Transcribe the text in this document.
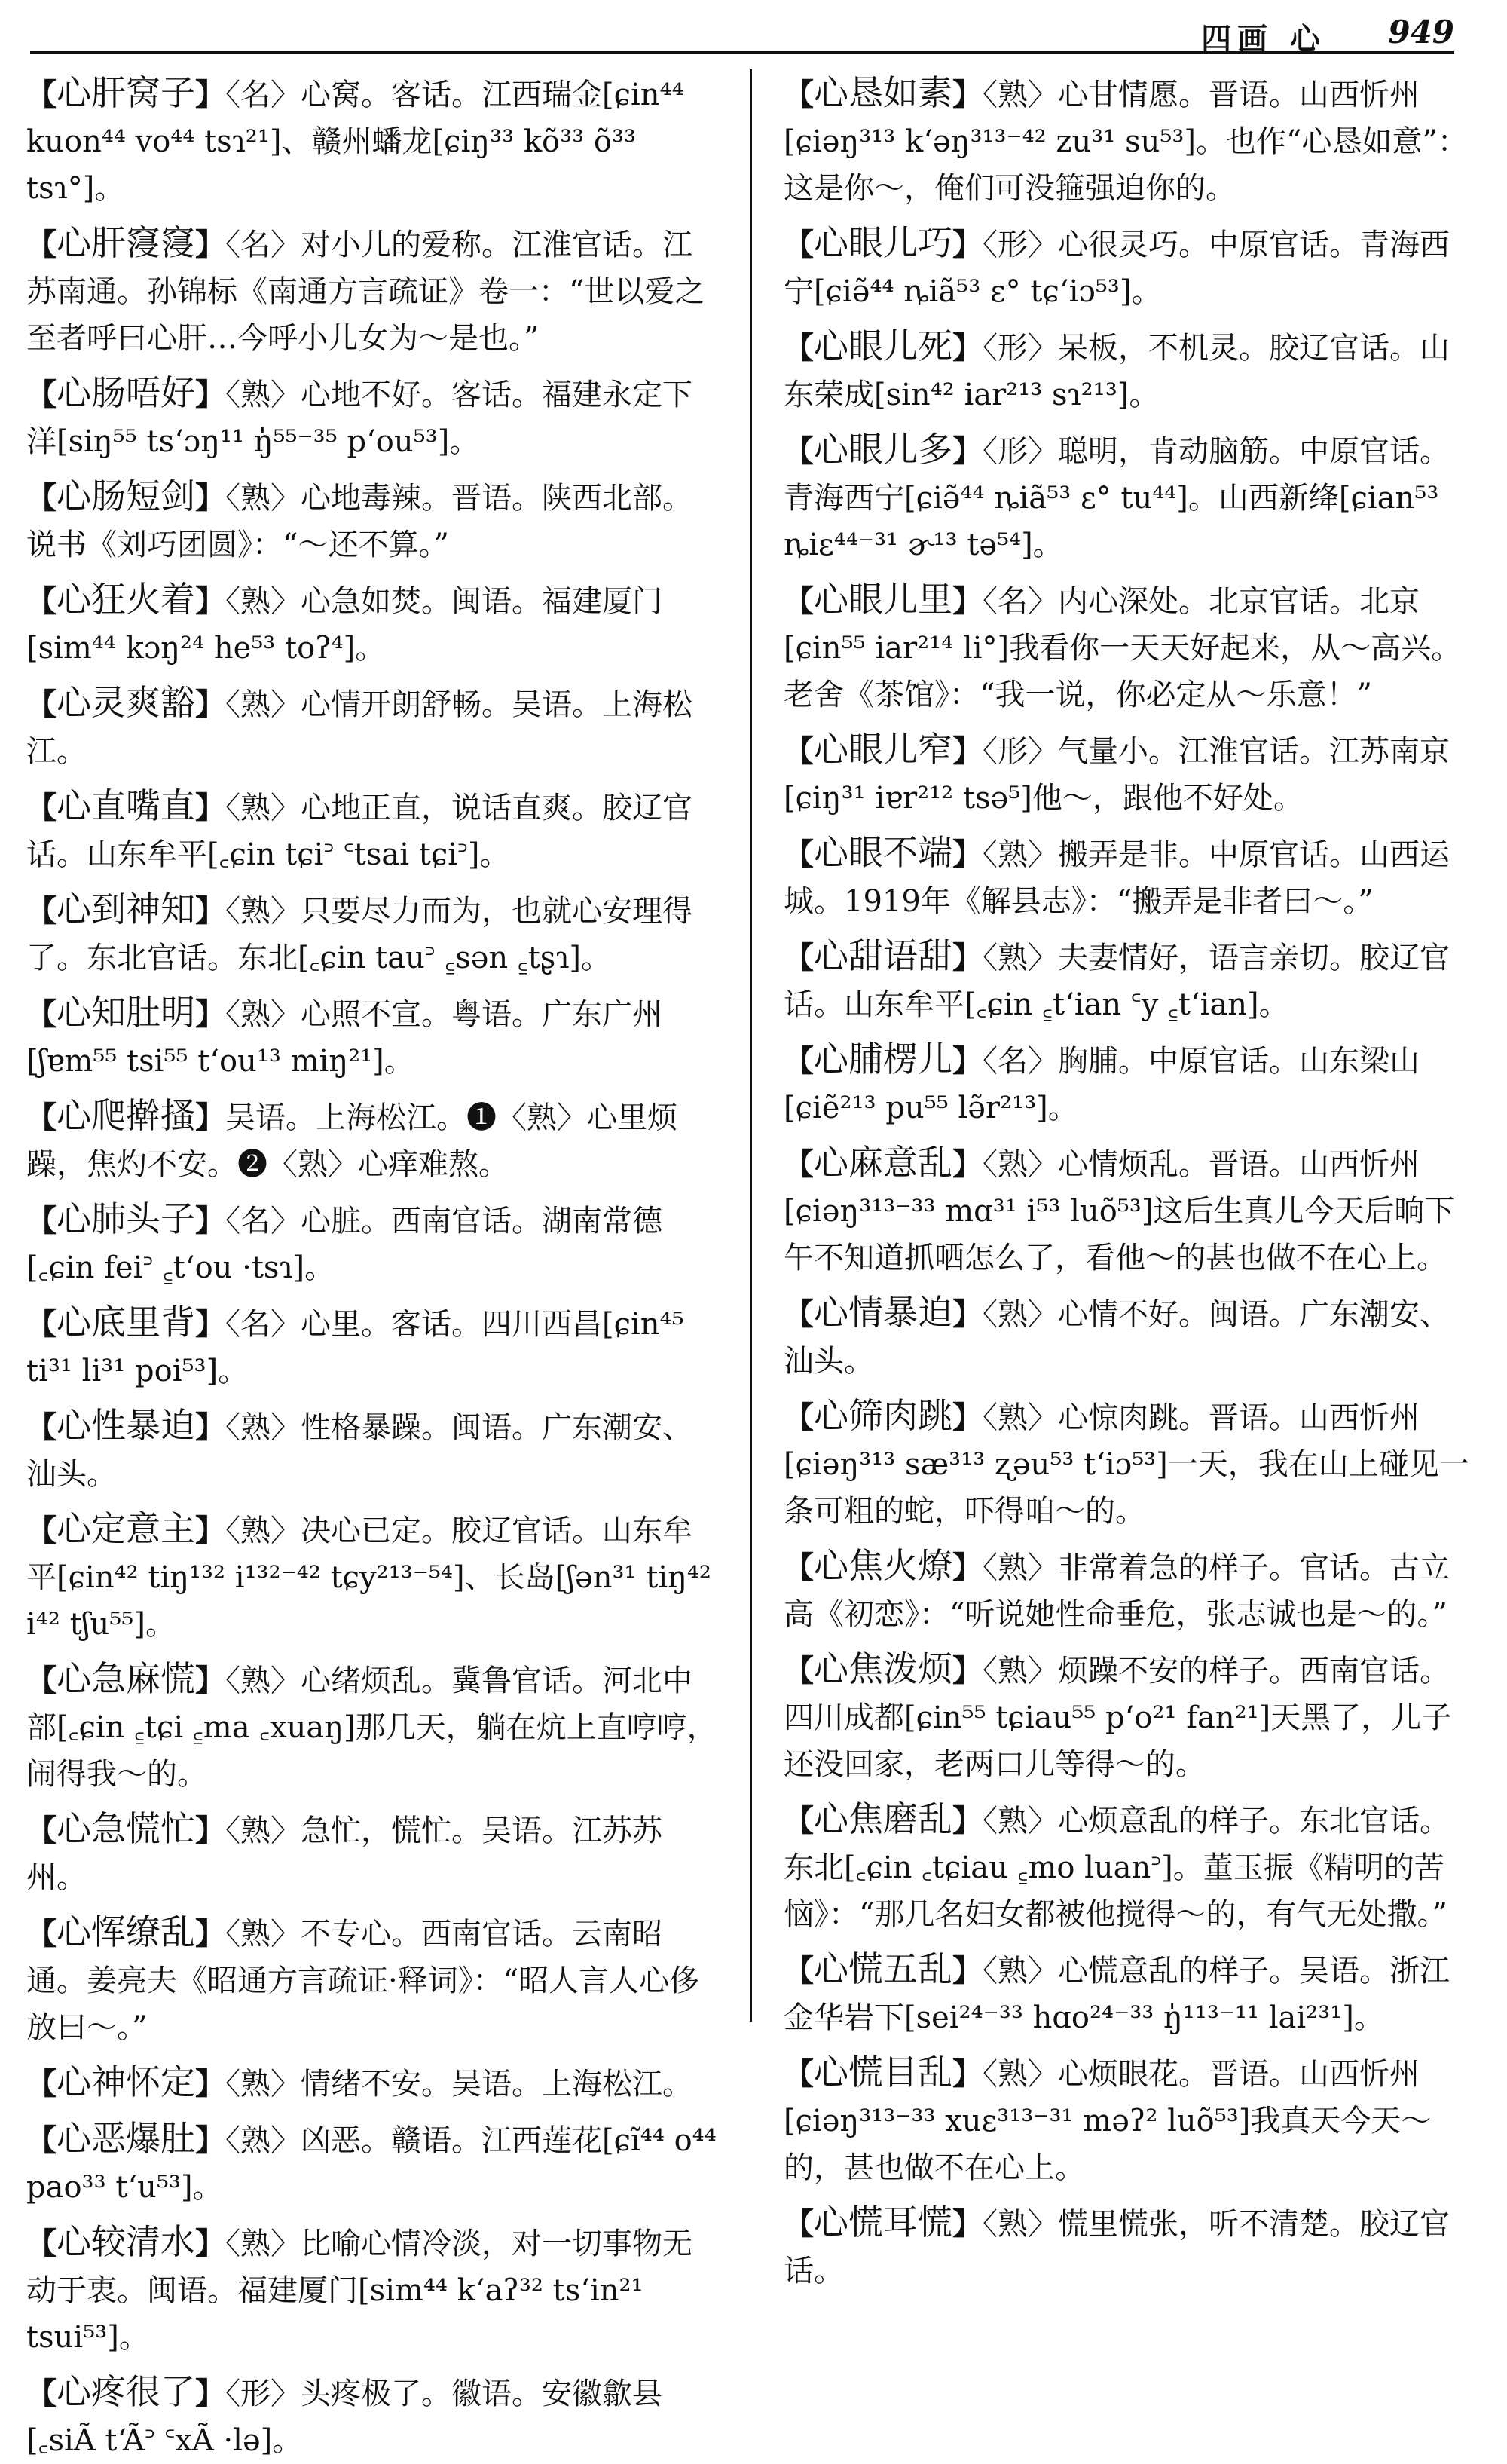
四画 心 949
【心肝窝子】〈名〉心窝。客话。江西瑞金[ɕin⁴⁴ kuon⁴⁴ vo⁴⁴ tsɿ²¹]、赣州蟠龙[ɕiŋ³³ kõ³³ õ³³ tsɿ°]。
【心肝䆮䆮】〈名〉对小儿的爱称。江淮官话。江苏南通。孙锦标《南通方言疏证》卷一：“世以爱之至者呼曰心肝…今呼小儿女为～是也。”
【心肠唔好】〈熟〉心地不好。客话。福建永定下洋[siŋ⁵⁵ tsʻɔŋ¹¹ ŋ̍⁵⁵⁻³⁵ pʻou⁵³]。
【心肠短剑】〈熟〉心地毒辣。晋语。陕西北部。说书《刘巧团圆》：“～还不算。”
【心狂火着】〈熟〉心急如焚。闽语。福建厦门[sim⁴⁴ kɔŋ²⁴ he⁵³ toʔ⁴]。
【心灵爽豁】〈熟〉心情开朗舒畅。吴语。上海松江。
【心直嘴直】〈熟〉心地正直，说话直爽。胶辽官话。山东牟平[꜀ɕin tɕi꜄ ꜂tsai tɕi꜄]。
【心到神知】〈熟〉只要尽力而为，也就心安理得了。东北官话。东北[꜀ɕin tau꜄ ꜁sən ꜁tʂɿ]。
【心知肚明】〈熟〉心照不宣。粤语。广东广州[ʃɐm⁵⁵ tsi⁵⁵ tʻou¹³ miŋ²¹]。
【心爬擀搔】吴语。上海松江。❶〈熟〉心里烦躁，焦灼不安。❷〈熟〉心痒难熬。
【心肺头子】〈名〉心脏。西南官话。湖南常德[꜀ɕin fei꜄ ꜁tʻou ·tsɿ]。
【心底里背】〈名〉心里。客话。四川西昌[ɕin⁴⁵ ti³¹ li³¹ poi⁵³]。
【心性暴迫】〈熟〉性格暴躁。闽语。广东潮安、汕头。
【心定意主】〈熟〉决心已定。胶辽官话。山东牟平[ɕin⁴² tiŋ¹³² i¹³²⁻⁴² tɕy²¹³⁻⁵⁴]、长岛[ʃən³¹ tiŋ⁴² i⁴² tʃu⁵⁵]。
【心急麻慌】〈熟〉心绪烦乱。冀鲁官话。河北中部[꜀ɕin ꜁tɕi ꜁ma ꜀xuaŋ]那几天，躺在炕上直哼哼，闹得我～的。
【心急慌忙】〈熟〉急忙，慌忙。吴语。江苏苏州。
【心恽缭乱】〈熟〉不专心。西南官话。云南昭通。姜亮夫《昭通方言疏证·释词》：“昭人言人心侈放曰～。”
【心神怀定】〈熟〉情绪不安。吴语。上海松江。
【心恶爆肚】〈熟〉凶恶。赣语。江西莲花[ɕĩ⁴⁴ o⁴⁴ pao³³ tʻu⁵³]。
【心较清水】〈熟〉比喻心情冷淡，对一切事物无动于衷。闽语。福建厦门[sim⁴⁴ kʻaʔ³² tsʻin²¹ tsui⁵³]。
【心疼很了】〈形〉头疼极了。徽语。安徽歙县[꜀siÃ tʻÃ꜄ ꜂xÃ ·lə]。
【心恳如素】〈熟〉心甘情愿。晋语。山西忻州[ɕiəŋ³¹³ kʻəŋ³¹³⁻⁴² zu³¹ su⁵³]。也作“心恳如意”：这是你～，俺们可没箍强迫你的。
【心眼儿巧】〈形〉心很灵巧。中原官话。青海西宁[ɕiə̃⁴⁴ ȵiã⁵³ ɛ° tɕʻiɔ⁵³]。
【心眼儿死】〈形〉呆板，不机灵。胶辽官话。山东荣成[sin⁴² iar²¹³ sɿ²¹³]。
【心眼儿多】〈形〉聪明，肯动脑筋。中原官话。青海西宁[ɕiə̃⁴⁴ ȵiã⁵³ ɛ° tu⁴⁴]。山西新绛[ɕian⁵³ ȵiɛ⁴⁴⁻³¹ ɚ¹³ tə⁵⁴]。
【心眼儿里】〈名〉内心深处。北京官话。北京[ɕin⁵⁵ iar²¹⁴ li°]我看你一天天好起来，从～高兴。老舍《茶馆》：“我一说，你必定从～乐意！”
【心眼儿窄】〈形〉气量小。江淮官话。江苏南京[ɕiŋ³¹ iɐr²¹² tsə⁵]他～，跟他不好处。
【心眼不端】〈熟〉搬弄是非。中原官话。山西运城。1919年《解县志》：“搬弄是非者曰～。”
【心甜语甜】〈熟〉夫妻情好，语言亲切。胶辽官话。山东牟平[꜀ɕin ꜁tʻian ꜂y ꜁tʻian]。
【心脯楞儿】〈名〉胸脯。中原官话。山东梁山[ɕiẽ²¹³ pu⁵⁵ lə̃r²¹³]。
【心麻意乱】〈熟〉心情烦乱。晋语。山西忻州[ɕiəŋ³¹³⁻³³ mɑ³¹ i⁵³ luõ⁵³]这后生真儿今天后晌下午不知道抓哂怎么了，看他～的甚也做不在心上。
【心情暴迫】〈熟〉心情不好。闽语。广东潮安、汕头。
【心筛肉跳】〈熟〉心惊肉跳。晋语。山西忻州[ɕiəŋ³¹³ sæ³¹³ ʐəu⁵³ tʻiɔ⁵³]一天，我在山上碰见一条可粗的蛇，吓得咱～的。
【心焦火燎】〈熟〉非常着急的样子。官话。古立高《初恋》：“听说她性命垂危，张志诚也是～的。”
【心焦泼烦】〈熟〉烦躁不安的样子。西南官话。四川成都[ɕin⁵⁵ tɕiau⁵⁵ pʻo²¹ fan²¹]天黑了，儿子还没回家，老两口儿等得～的。
【心焦磨乱】〈熟〉心烦意乱的样子。东北官话。东北[꜀ɕin ꜀tɕiau ꜁mo luan꜄]。董玉振《精明的苦恼》：“那几名妇女都被他搅得～的，有气无处撒。”
【心慌五乱】〈熟〉心慌意乱的样子。吴语。浙江金华岩下[sei²⁴⁻³³ hɑo²⁴⁻³³ ŋ̍¹¹³⁻¹¹ lai²³¹]。
【心慌目乱】〈熟〉心烦眼花。晋语。山西忻州[ɕiəŋ³¹³⁻³³ xuɛ³¹³⁻³¹ məʔ² luõ⁵³]我真天今天～的，甚也做不在心上。
【心慌耳慌】〈熟〉慌里慌张，听不清楚。胶辽官话。
